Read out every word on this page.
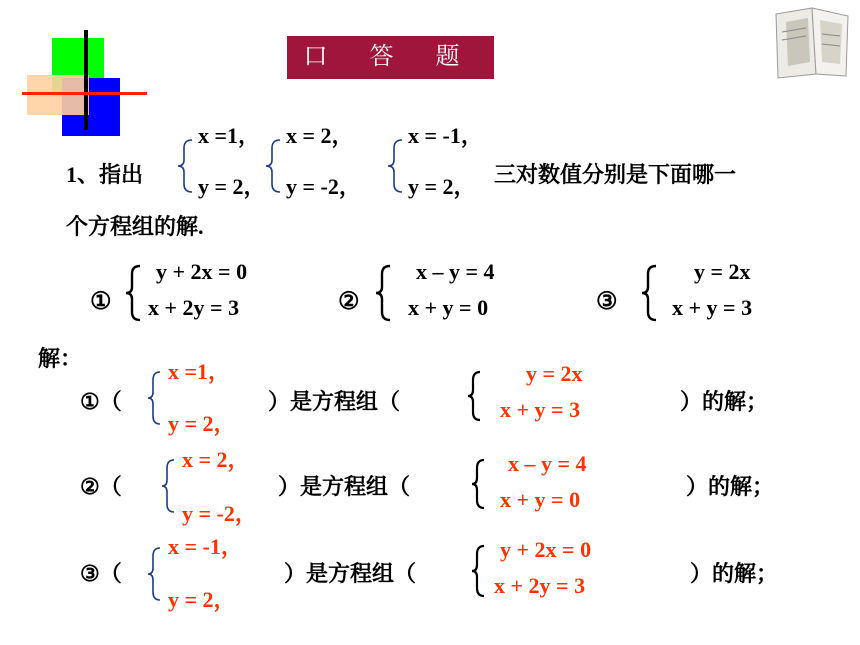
口 答 题
1、指出
x =1，
y = 2，
x = 2，
y = -2，
x = -1，
y = 2， 三对数值分别是下面哪一
个方程组的解.
①
y + 2x = 0
x + 2y = 3	②
x – y = 4
x + y = 0	③
y = 2x
x + y = 3
解：
①（
x =1，
y = 2，
）是方程组（
y = 2x
x + y = 3	）的解；
②（
x = 2，
y = -2，
）是方程组（
x – y = 4
x + y = 0
）的解；
③（
x = -1，
y = 2，
）是方程组（
y + 2x = 0
x + 2y = 3	）的解；
